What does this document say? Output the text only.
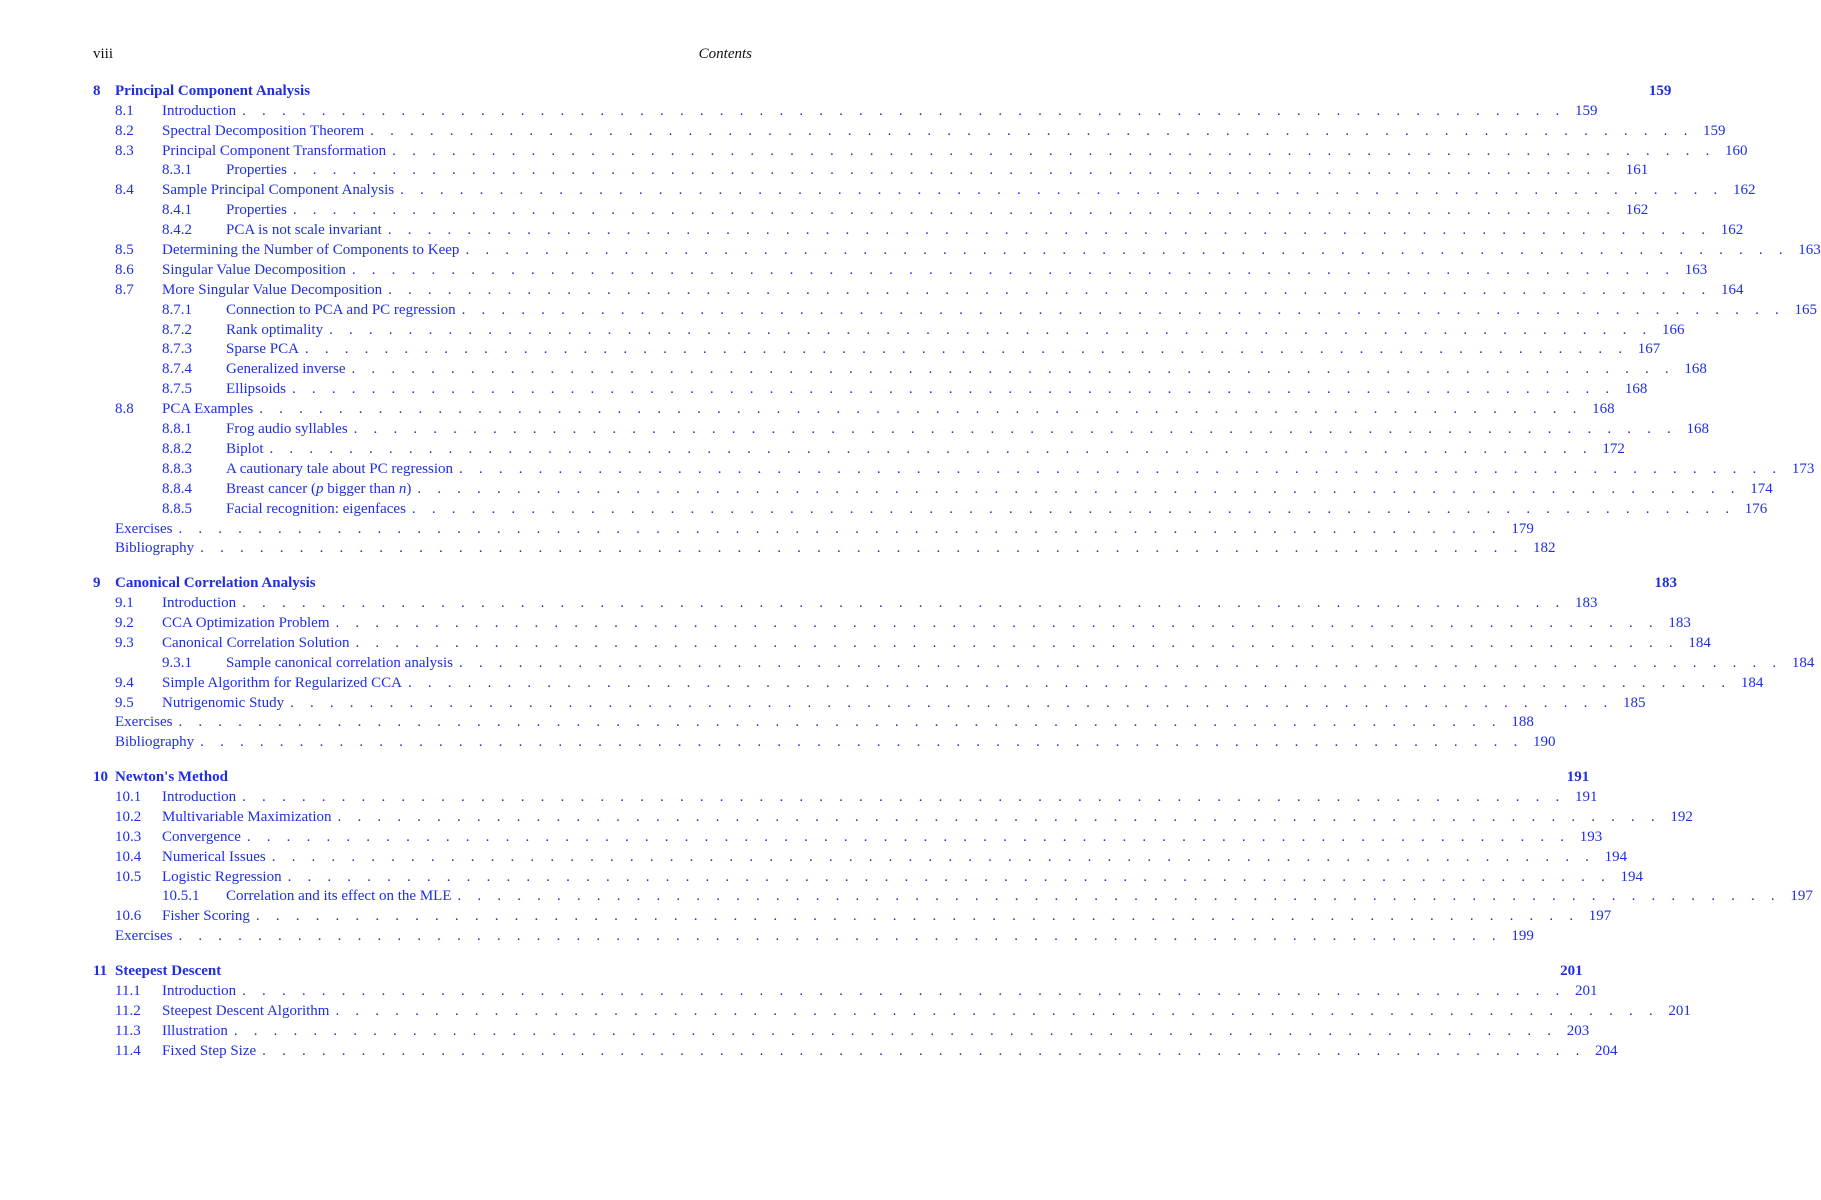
viii	Contents
8 Principal Component Analysis	159
8.1	Introduction . . . . . . . . . . . . . . . . . . . . . . . . . . . . . . . . . . . . . . . . . . . . . . . . . . . . . . . . . . . . . . . . . . . 159
8.2	Spectral Decomposition Theorem . . . . . . . . . . . . . . . . . . . . . . . . . . . . . . . . . . . . . . . . . . . . . . . . . . . . . . . . . . . . . . . . . . . 159
8.3	Principal Component Transformation . . . . . . . . . . . . . . . . . . . . . . . . . . . . . . . . . . . . . . . . . . . . . . . . . . . . . . . . . . . . . . . . . . . 160
8.3.1	Properties . . . . . . . . . . . . . . . . . . . . . . . . . . . . . . . . . . . . . . . . . . . . . . . . . . . . . . . . . . . . . . . . . . . 161
8.4	Sample Principal Component Analysis . . . . . . . . . . . . . . . . . . . . . . . . . . . . . . . . . . . . . . . . . . . . . . . . . . . . . . . . . . . . . . . . . . . 162
8.4.1	Properties . . . . . . . . . . . . . . . . . . . . . . . . . . . . . . . . . . . . . . . . . . . . . . . . . . . . . . . . . . . . . . . . . . . 162
8.4.2	PCA is not scale invariant . . . . . . . . . . . . . . . . . . . . . . . . . . . . . . . . . . . . . . . . . . . . . . . . . . . . . . . . . . . . . . . . . . . 162
8.5	Determining the Number of Components to Keep . . . . . . . . . . . . . . . . . . . . . . . . . . . . . . . . . . . . . . . . . . . . . . . . . . . . . . . . . . . . . . . . . . . 163
8.6	Singular Value Decomposition . . . . . . . . . . . . . . . . . . . . . . . . . . . . . . . . . . . . . . . . . . . . . . . . . . . . . . . . . . . . . . . . . . . 163
8.7	More Singular Value Decomposition . . . . . . . . . . . . . . . . . . . . . . . . . . . . . . . . . . . . . . . . . . . . . . . . . . . . . . . . . . . . . . . . . . . 164
8.7.1	Connection to PCA and PC regression . . . . . . . . . . . . . . . . . . . . . . . . . . . . . . . . . . . . . . . . . . . . . . . . . . . . . . . . . . . . . . . . . . . 165
8.7.2	Rank optimality . . . . . . . . . . . . . . . . . . . . . . . . . . . . . . . . . . . . . . . . . . . . . . . . . . . . . . . . . . . . . . . . . . . 166
8.7.3	Sparse PCA . . . . . . . . . . . . . . . . . . . . . . . . . . . . . . . . . . . . . . . . . . . . . . . . . . . . . . . . . . . . . . . . . . . 167
8.7.4	Generalized inverse . . . . . . . . . . . . . . . . . . . . . . . . . . . . . . . . . . . . . . . . . . . . . . . . . . . . . . . . . . . . . . . . . . . 168
8.7.5	Ellipsoids . . . . . . . . . . . . . . . . . . . . . . . . . . . . . . . . . . . . . . . . . . . . . . . . . . . . . . . . . . . . . . . . . . . 168
8.8	PCA Examples . . . . . . . . . . . . . . . . . . . . . . . . . . . . . . . . . . . . . . . . . . . . . . . . . . . . . . . . . . . . . . . . . . . 168
8.8.1	Frog audio syllables . . . . . . . . . . . . . . . . . . . . . . . . . . . . . . . . . . . . . . . . . . . . . . . . . . . . . . . . . . . . . . . . . . . 168
8.8.2	Biplot . . . . . . . . . . . . . . . . . . . . . . . . . . . . . . . . . . . . . . . . . . . . . . . . . . . . . . . . . . . . . . . . . . . 172
8.8.3	A cautionary tale about PC regression . . . . . . . . . . . . . . . . . . . . . . . . . . . . . . . . . . . . . . . . . . . . . . . . . . . . . . . . . . . . . . . . . . . 173
8.8.4	Breast cancer (p bigger than n) . . . . . . . . . . . . . . . . . . . . . . . . . . . . . . . . . . . . . . . . . . . . . . . . . . . . . . . . . . . . . . . . . . . 174
8.8.5	Facial recognition: eigenfaces . . . . . . . . . . . . . . . . . . . . . . . . . . . . . . . . . . . . . . . . . . . . . . . . . . . . . . . . . . . . . . . . . . . 176
Exercises . . . . . . . . . . . . . . . . . . . . . . . . . . . . . . . . . . . . . . . . . . . . . . . . . . . . . . . . . . . . . . . . . . . 179
Bibliography . . . . . . . . . . . . . . . . . . . . . . . . . . . . . . . . . . . . . . . . . . . . . . . . . . . . . . . . . . . . . . . . . . . 182
9 Canonical Correlation Analysis	183
9.1	Introduction . . . . . . . . . . . . . . . . . . . . . . . . . . . . . . . . . . . . . . . . . . . . . . . . . . . . . . . . . . . . . . . . . . . 183
9.2	CCA Optimization Problem . . . . . . . . . . . . . . . . . . . . . . . . . . . . . . . . . . . . . . . . . . . . . . . . . . . . . . . . . . . . . . . . . . . 183
9.3	Canonical Correlation Solution . . . . . . . . . . . . . . . . . . . . . . . . . . . . . . . . . . . . . . . . . . . . . . . . . . . . . . . . . . . . . . . . . . . 184
9.3.1	Sample canonical correlation analysis . . . . . . . . . . . . . . . . . . . . . . . . . . . . . . . . . . . . . . . . . . . . . . . . . . . . . . . . . . . . . . . . . . . 184
9.4	Simple Algorithm for Regularized CCA . . . . . . . . . . . . . . . . . . . . . . . . . . . . . . . . . . . . . . . . . . . . . . . . . . . . . . . . . . . . . . . . . . . 184
9.5	Nutrigenomic Study . . . . . . . . . . . . . . . . . . . . . . . . . . . . . . . . . . . . . . . . . . . . . . . . . . . . . . . . . . . . . . . . . . . 185
Exercises . . . . . . . . . . . . . . . . . . . . . . . . . . . . . . . . . . . . . . . . . . . . . . . . . . . . . . . . . . . . . . . . . . . 188
Bibliography . . . . . . . . . . . . . . . . . . . . . . . . . . . . . . . . . . . . . . . . . . . . . . . . . . . . . . . . . . . . . . . . . . . 190
10 Newton's Method	191
10.1	Introduction . . . . . . . . . . . . . . . . . . . . . . . . . . . . . . . . . . . . . . . . . . . . . . . . . . . . . . . . . . . . . . . . . . . 191
10.2	Multivariable Maximization . . . . . . . . . . . . . . . . . . . . . . . . . . . . . . . . . . . . . . . . . . . . . . . . . . . . . . . . . . . . . . . . . . . 192
10.3	Convergence . . . . . . . . . . . . . . . . . . . . . . . . . . . . . . . . . . . . . . . . . . . . . . . . . . . . . . . . . . . . . . . . . . . 193
10.4	Numerical Issues . . . . . . . . . . . . . . . . . . . . . . . . . . . . . . . . . . . . . . . . . . . . . . . . . . . . . . . . . . . . . . . . . . . 194
10.5	Logistic Regression . . . . . . . . . . . . . . . . . . . . . . . . . . . . . . . . . . . . . . . . . . . . . . . . . . . . . . . . . . . . . . . . . . . 194
10.5.1	Correlation and its effect on the MLE . . . . . . . . . . . . . . . . . . . . . . . . . . . . . . . . . . . . . . . . . . . . . . . . . . . . . . . . . . . . . . . . . . . 197
10.6	Fisher Scoring . . . . . . . . . . . . . . . . . . . . . . . . . . . . . . . . . . . . . . . . . . . . . . . . . . . . . . . . . . . . . . . . . . . 197
Exercises . . . . . . . . . . . . . . . . . . . . . . . . . . . . . . . . . . . . . . . . . . . . . . . . . . . . . . . . . . . . . . . . . . . 199
11 Steepest Descent	201
11.1	Introduction . . . . . . . . . . . . . . . . . . . . . . . . . . . . . . . . . . . . . . . . . . . . . . . . . . . . . . . . . . . . . . . . . . . 201
11.2	Steepest Descent Algorithm . . . . . . . . . . . . . . . . . . . . . . . . . . . . . . . . . . . . . . . . . . . . . . . . . . . . . . . . . . . . . . . . . . . 201
11.3	Illustration . . . . . . . . . . . . . . . . . . . . . . . . . . . . . . . . . . . . . . . . . . . . . . . . . . . . . . . . . . . . . . . . . . . 203
11.4	Fixed Step Size . . . . . . . . . . . . . . . . . . . . . . . . . . . . . . . . . . . . . . . . . . . . . . . . . . . . . . . . . . . . . . . . . . . 204
